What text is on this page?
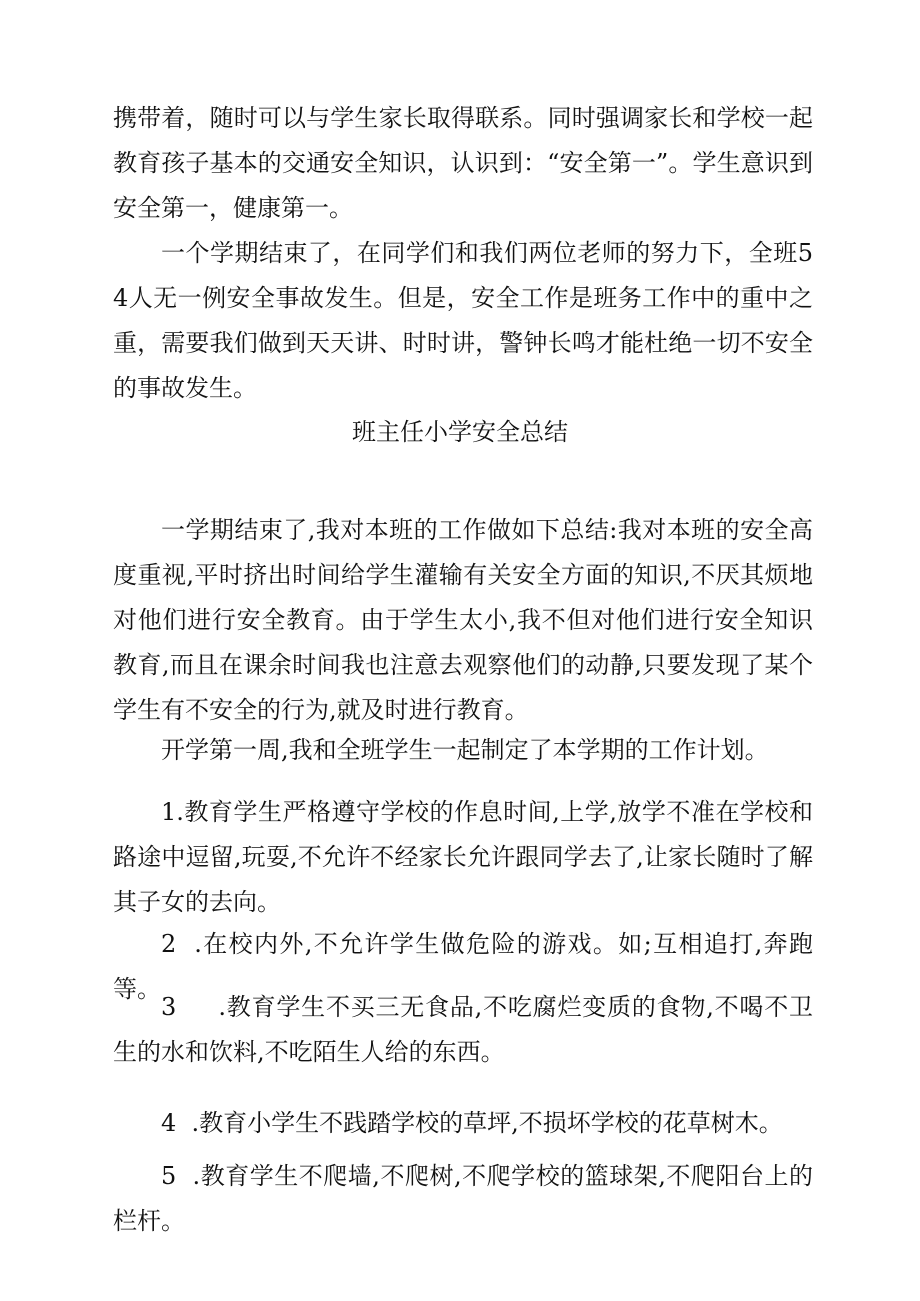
携带着，随时可以与学生家长取得联系。同时强调家长和学校一起教育孩子基本的交通安全知识，认识到：“安全第一”。学生意识到安全第一，健康第一。

一个学期结束了，在同学们和我们两位老师的努力下，全班54人无一例安全事故发生。但是，安全工作是班务工作中的重中之重，需要我们做到天天讲、时时讲，警钟长鸣才能杜绝一切不安全的事故发生。

班主任小学安全总结

一学期结束了,我对本班的工作做如下总结:我对本班的安全高度重视,平时挤出时间给学生灌输有关安全方面的知识,不厌其烦地对他们进行安全教育。由于学生太小,我不但对他们进行安全知识教育,而且在课余时间我也注意去观察他们的动静,只要发现了某个学生有不安全的行为,就及时进行教育。

开学第一周,我和全班学生一起制定了本学期的工作计划。

1.教育学生严格遵守学校的作息时间,上学,放学不准在学校和路途中逗留,玩耍,不允许不经家长允许跟同学去了,让家长随时了解其子女的去向。

2  .在校内外,不允许学生做危险的游戏。如;互相追打,奔跑等。

3     .教育学生不买三无食品,不吃腐烂变质的食物,不喝不卫生的水和饮料,不吃陌生人给的东西。

4  .教育小学生不践踏学校的草坪,不损坏学校的花草树木。

5  .教育学生不爬墙,不爬树,不爬学校的篮球架,不爬阳台上的栏杆。
